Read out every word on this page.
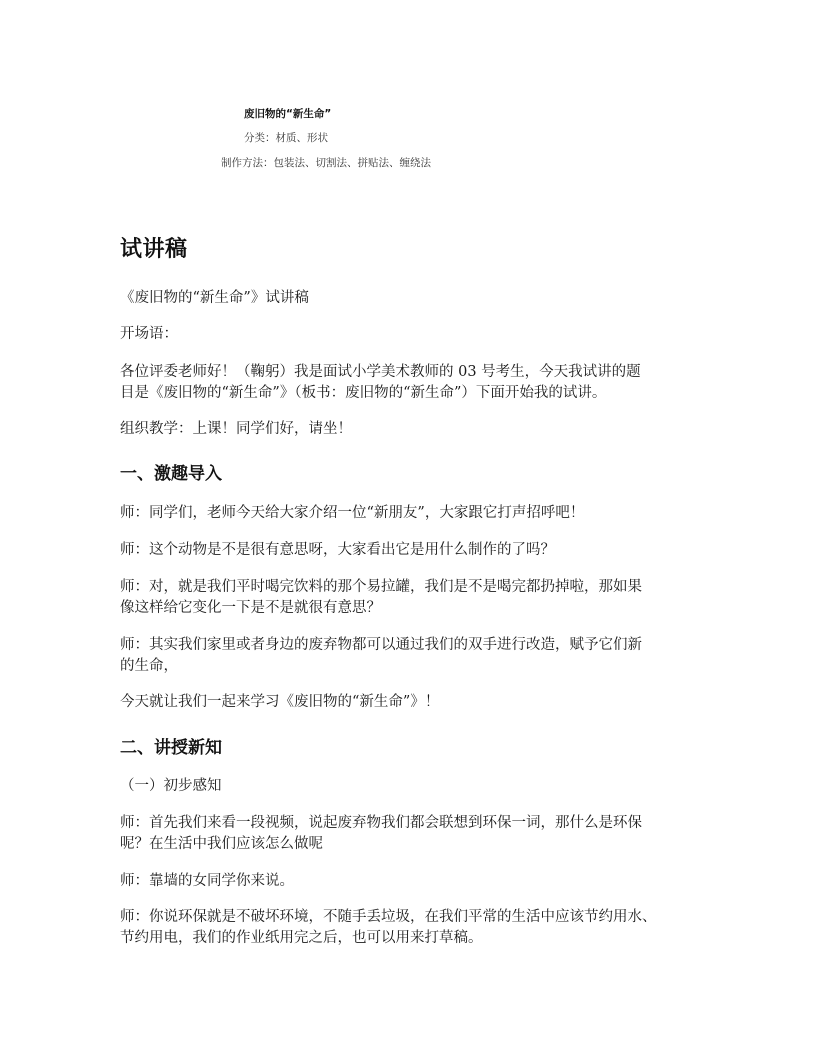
废旧物的“新生命”
分类：材质、形状
制作方法：包装法、切割法、拼贴法、缠绕法
试讲稿
《废旧物的“新生命”》试讲稿
开场语：
各位评委老师好！（鞠躬）我是面试小学美术教师的 03 号考生，今天我试讲的题
目是《废旧物的“新生命”》（板书：废旧物的“新生命”）下面开始我的试讲。
组织教学：上课！同学们好，请坐！
一、激趣导入
师：同学们，老师今天给大家介绍一位“新朋友”，大家跟它打声招呼吧！
师：这个动物是不是很有意思呀，大家看出它是用什么制作的了吗？
师：对，就是我们平时喝完饮料的那个易拉罐，我们是不是喝完都扔掉啦，那如果
像这样给它变化一下是不是就很有意思？
师：其实我们家里或者身边的废弃物都可以通过我们的双手进行改造，赋予它们新
的生命，
今天就让我们一起来学习《废旧物的“新生命”》！
二、讲授新知
（一）初步感知
师：首先我们来看一段视频，说起废弃物我们都会联想到环保一词，那什么是环保
呢？在生活中我们应该怎么做呢
师：靠墙的女同学你来说。
师：你说环保就是不破坏环境，不随手丢垃圾，在我们平常的生活中应该节约用水、
节约用电，我们的作业纸用完之后，也可以用来打草稿。
